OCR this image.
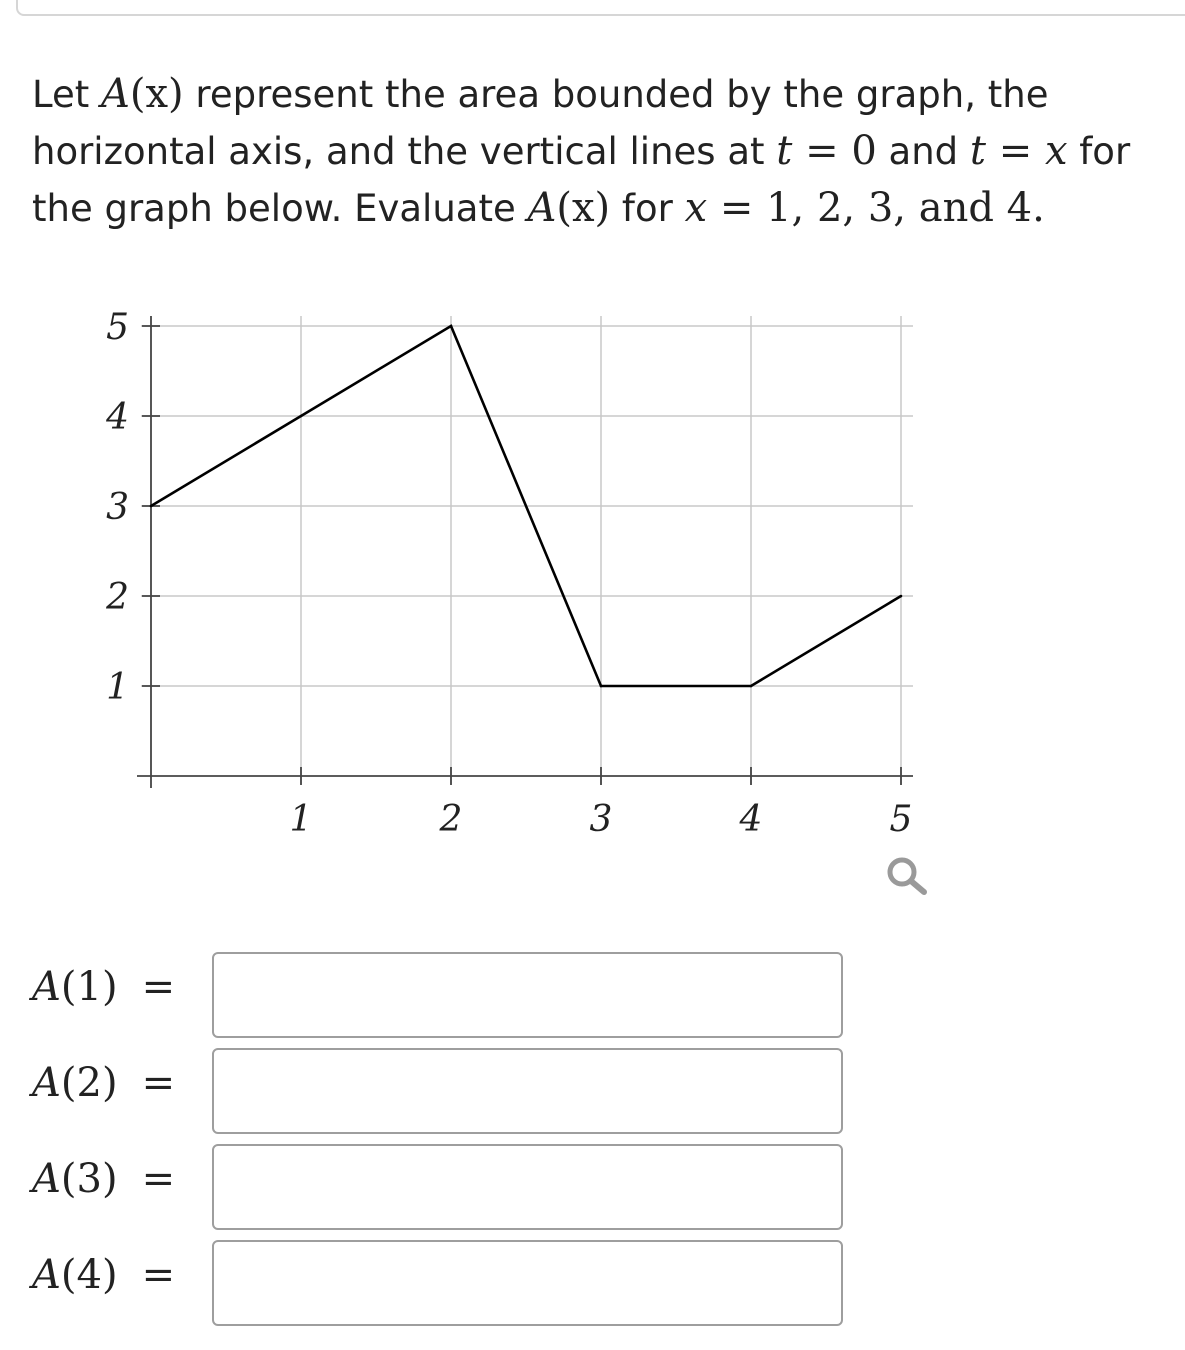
Let A(x) represent the area bounded by the graph, the
horizontal axis, and the vertical lines at t = 0 and t = x for
the graph below. Evaluate A(x) for x = 1, 2, 3, and 4.
1	2	3	4	5
1
2
3
4
5
A(1) =
A(2) =
A(3) =
A(4) =
